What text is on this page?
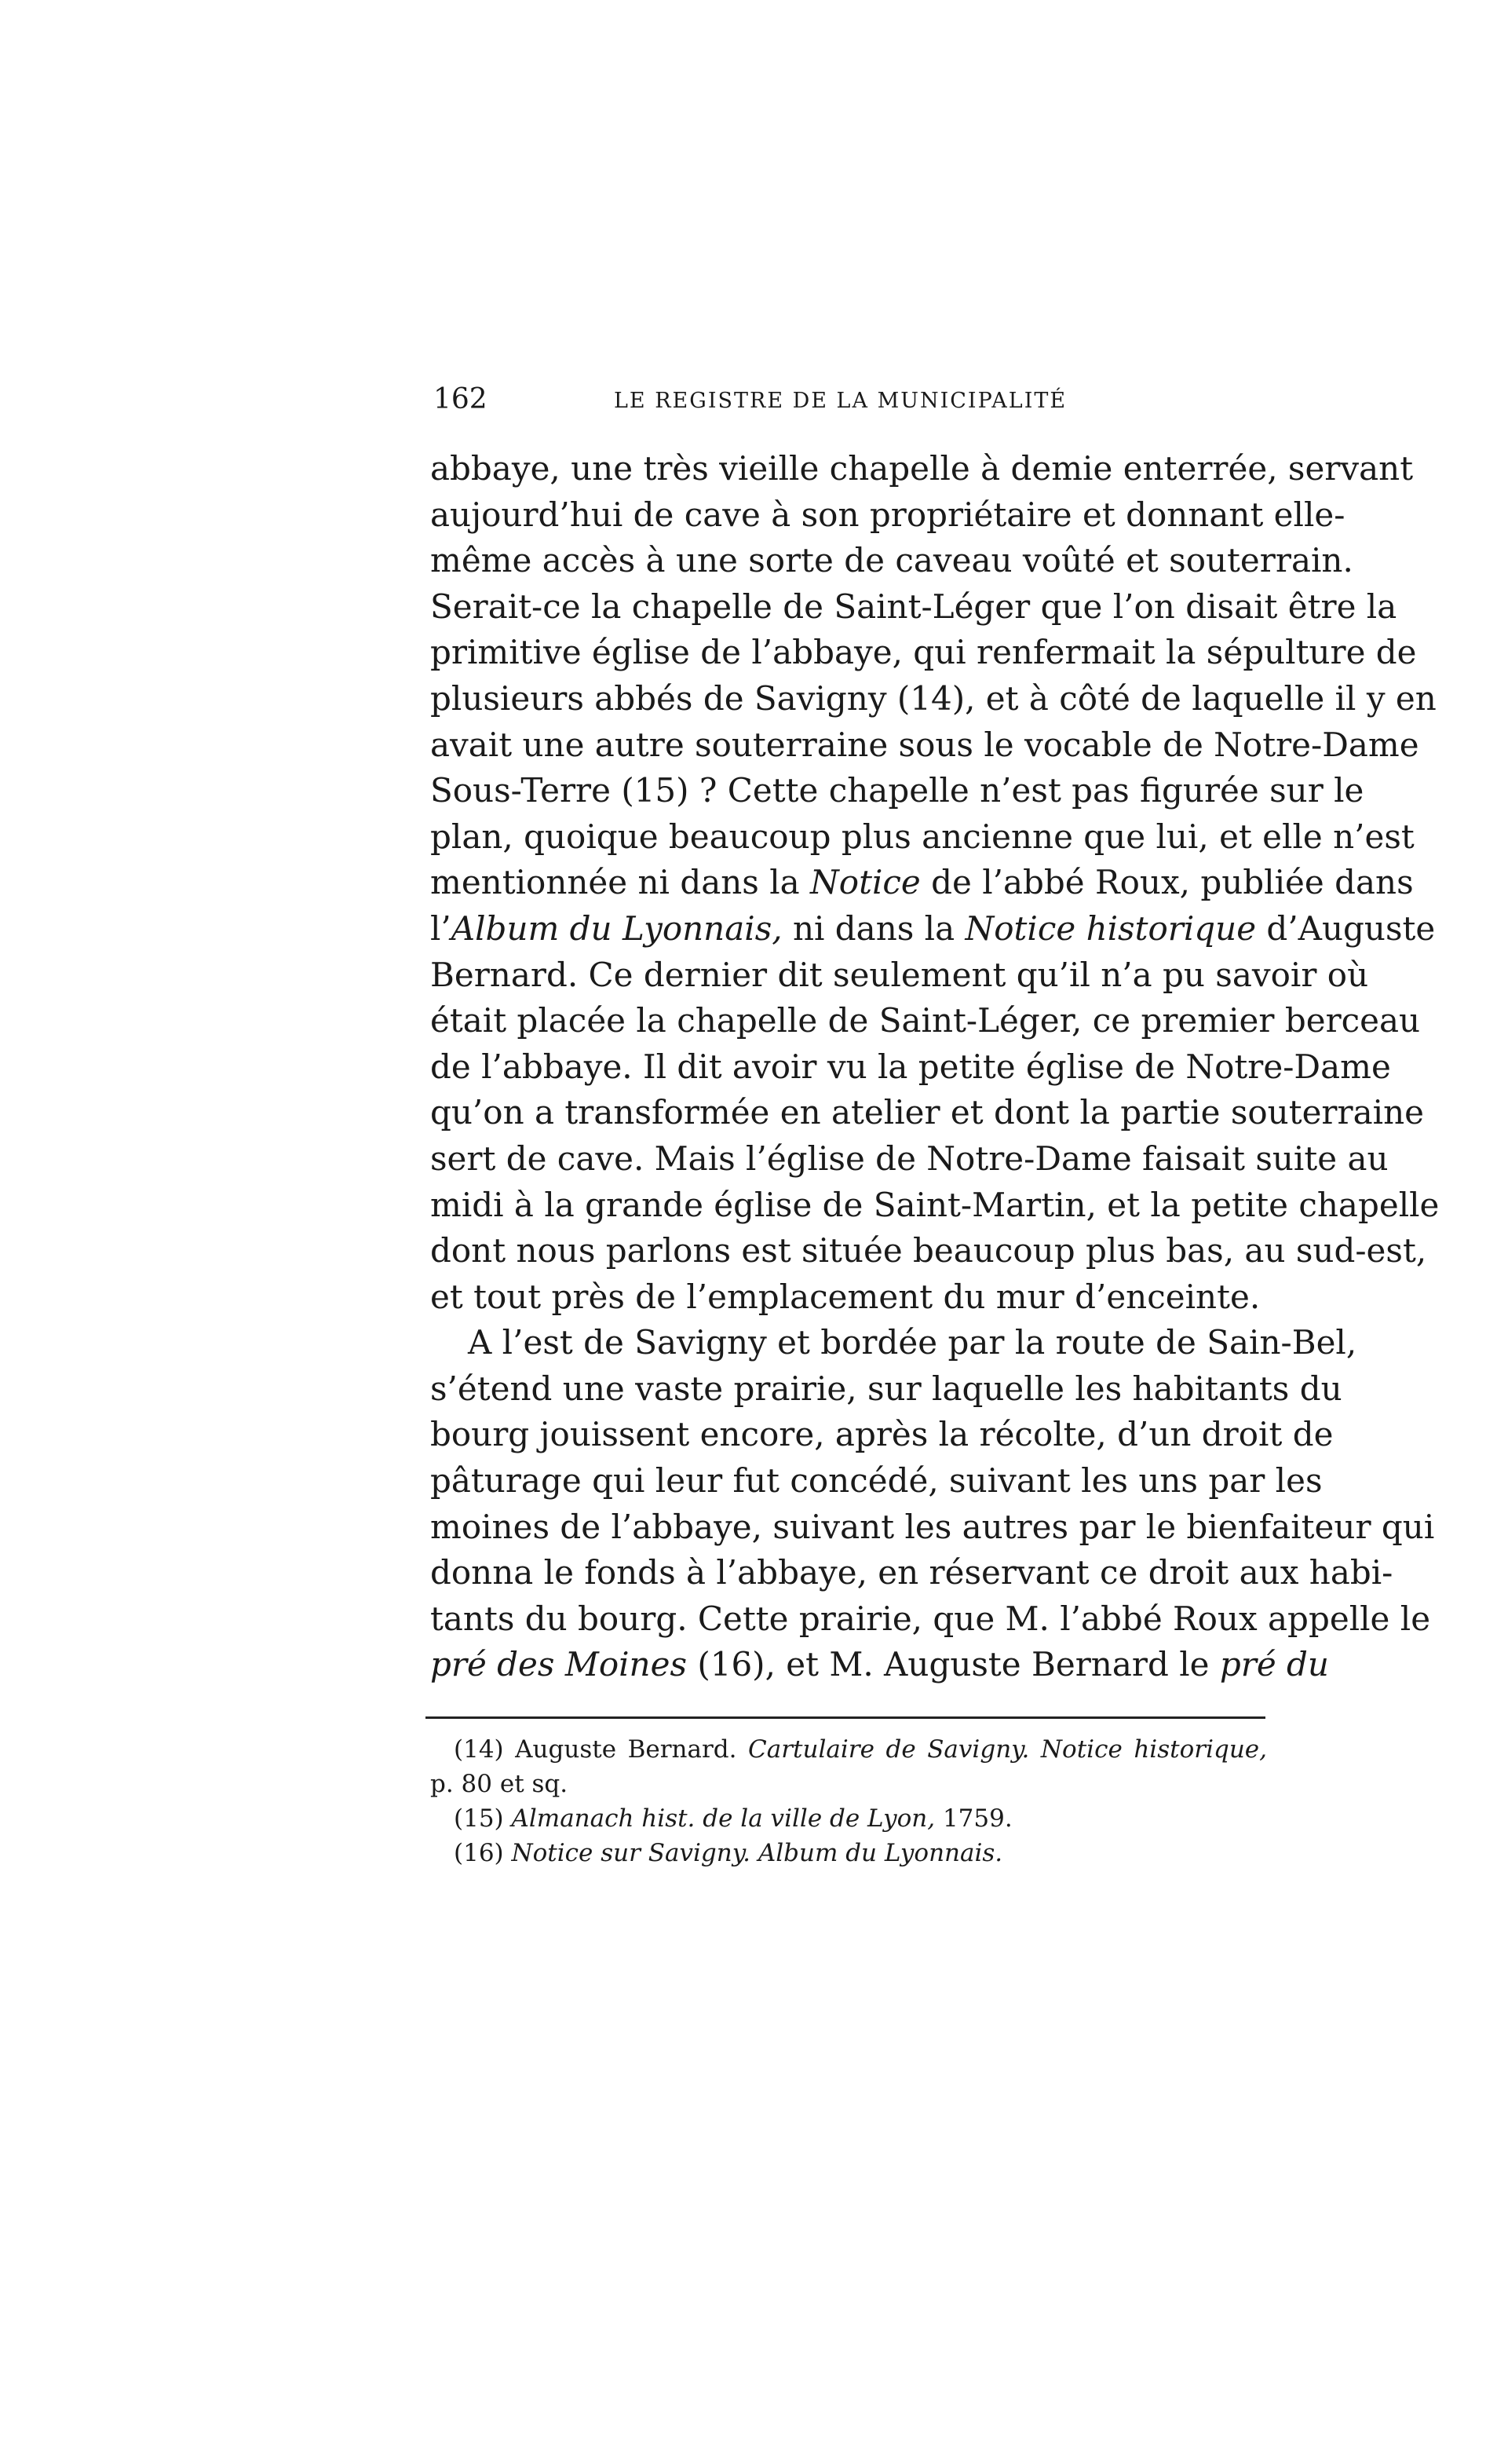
162	LE REGISTRE DE LA MUNICIPALITÉ
abbaye, une très vieille chapelle à demie enterrée, servant
aujourd’hui de cave à son propriétaire et donnant elle-
même accès à une sorte de caveau voûté et souterrain.
Serait-ce la chapelle de Saint-Léger que l’on disait être la
primitive église de l’abbaye, qui renfermait la sépulture de
plusieurs abbés de Savigny (14), et à côté de laquelle il y en
avait une autre souterraine sous le vocable de Notre-Dame
Sous-Terre (15) ? Cette chapelle n’est pas figurée sur le
plan, quoique beaucoup plus ancienne que lui, et elle n’est
mentionnée ni dans la Notice de l’abbé Roux, publiée dans
l’Album du Lyonnais, ni dans la Notice historique d’Auguste
Bernard. Ce dernier dit seulement qu’il n’a pu savoir où
était placée la chapelle de Saint-Léger, ce premier berceau
de l’abbaye. Il dit avoir vu la petite église de Notre-Dame
qu’on a transformée en atelier et dont la partie souterraine
sert de cave. Mais l’église de Notre-Dame faisait suite au
midi à la grande église de Saint-Martin, et la petite chapelle
dont nous parlons est située beaucoup plus bas, au sud-est,
et tout près de l’emplacement du mur d’enceinte.
A l’est de Savigny et bordée par la route de Sain-Bel,
s’étend une vaste prairie, sur laquelle les habitants du
bourg jouissent encore, après la récolte, d’un droit de
pâturage qui leur fut concédé, suivant les uns par les
moines de l’abbaye, suivant les autres par le bienfaiteur qui
donna le fonds à l’abbaye, en réservant ce droit aux habi-
tants du bourg. Cette prairie, que M. l’abbé Roux appelle le
pré des Moines (16), et M. Auguste Bernard le pré du
(14) Auguste Bernard. Cartulaire de Savigny. Notice historique,
p. 80 et sq.
(15) Almanach hist. de la ville de Lyon, 1759.
(16) Notice sur Savigny. Album du Lyonnais.
